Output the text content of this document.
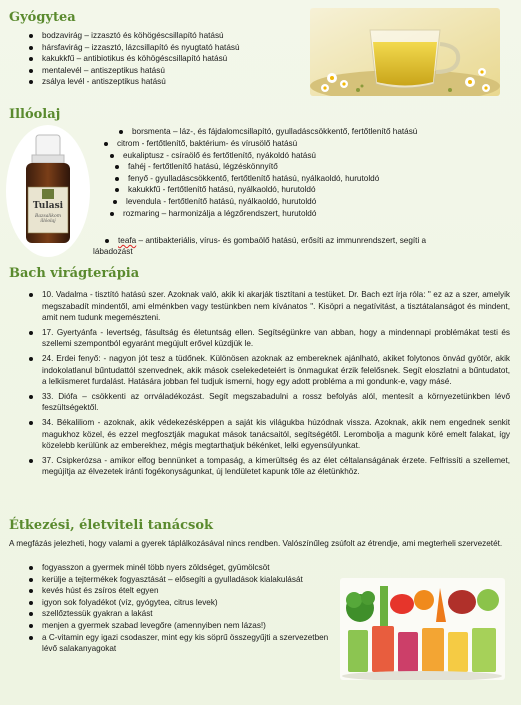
Gyógytea
bodzavirág – izzasztó és köhögéscsillapító hatású
hársfavirág – izzasztó, lázcsillapító és nyugtató hatású
kakukkfű – antibiotikus és köhögéscsillapító hatású
mentalevél – antiszeptikus hatású
zsálya levél - antiszeptikus hatású
Illóolaj
Tulasi
Bazsalikom illóolaj
borsmenta – láz-, és fájdalomcsillapító, gyulladáscsökkentő, fertőtlenítő hatású
citrom - fertőtlenítő, baktérium- és vírusölő hatású
eukaliptusz - csíraölő és fertőtlenítő, nyákoldó hatású
fahéj - fertőtlenítő hatású, légzéskönnyítő
fenyő - gyulladáscsökkentő, fertőtlenítő hatású, nyálkaoldó, hurutoldó
kakukkfű - fertőtlenítő hatású, nyálkaoldó, hurutoldó
levendula - fertőtlenítő hatású, nyálkaoldó, hurutoldó
rozmaring – harmonizálja a légzőrendszert, hurutoldó
teafa – antibakteriális, vírus- és gombaölő hatású, erősíti az immunrendszert, segíti a
lábadozást
Bach virágterápia
10. Vadalma - tisztító hatású szer. Azoknak való, akik ki akarják tisztítani a testüket. Dr. Bach ezt írja róla: " ez az a szer, amelyik megszabadít mindentől, ami elménkben vagy testünkben nem kívánatos ". Kisöpri a negatívitást, a tisztátalanságot és mindent, amit nem tudunk megemészteni.
17. Gyertyánfa - levertség, fásultság és életuntság ellen. Segítségünkre van abban, hogy a mindennapi problémákat testi és szellemi szempontból egyaránt megújult erővel küzdjük le.
24. Erdei fenyő: - nagyon jót tesz a tüdőnek. Különösen azoknak az embereknek ajánlható, akiket folytonos önvád gyötör, akik indokolatlanul bűntudattól szenvednek, akik mások cselekedeteiért is önmagukat érzik felelősnek. Segít eloszlatni a bűntudatot, a lelkiismeret furdalást. Hatására jobban fel tudjuk ismerni, hogy egy adott probléma a mi gondunk-e, vagy másé.
33. Diófa – csökkenti az orrváladékozást. Segít megszabadulni a rossz befolyás alól, mentesít a környezetünkben lévő feszültségektől.
34. Békaliliom - azoknak, akik védekezésképpen a saját kis világukba húzódnak vissza. Azoknak, akik nem engednek senkit magukhoz közel, és ezzel megfosztják magukat mások tanácsaitól, segítségétől. Lerombolja a magunk köré emelt falakat, így közelebb kerülünk az emberekhez, mégis megtarthatjuk békénket, lelki egyensúlyunkat.
37. Csipkerózsa - amikor elfog bennünket a tompaság, a kimerültség és az élet céltalanságának érzete. Felfrissíti a szellemet, megújítja az élvezetek iránti fogékonyságunkat, új lendületet kapunk tőle az életünkhöz.
Étkezési, életviteli tanácsok
A megfázás jelezheti, hogy valami a gyerek táplálkozásával nincs rendben. Valószínűleg zsúfolt az étrendje, ami megterheli szervezetét.
fogyasszon a gyermek minél több nyers zöldséget, gyümölcsöt
kerülje a tejtermékek fogyasztását – elősegíti a gyulladások kialakulását
kevés húst és zsíros ételt egyen
igyon sok folyadékot (víz, gyógytea, citrus levek)
szellőztessük gyakran a lakást
menjen a gyermek szabad levegőre (amennyiben nem lázas!)
a C-vitamin egy igazi csodaszer, mint egy kis söprű összegyűjti a szervezetben lévő salakanyagokat
